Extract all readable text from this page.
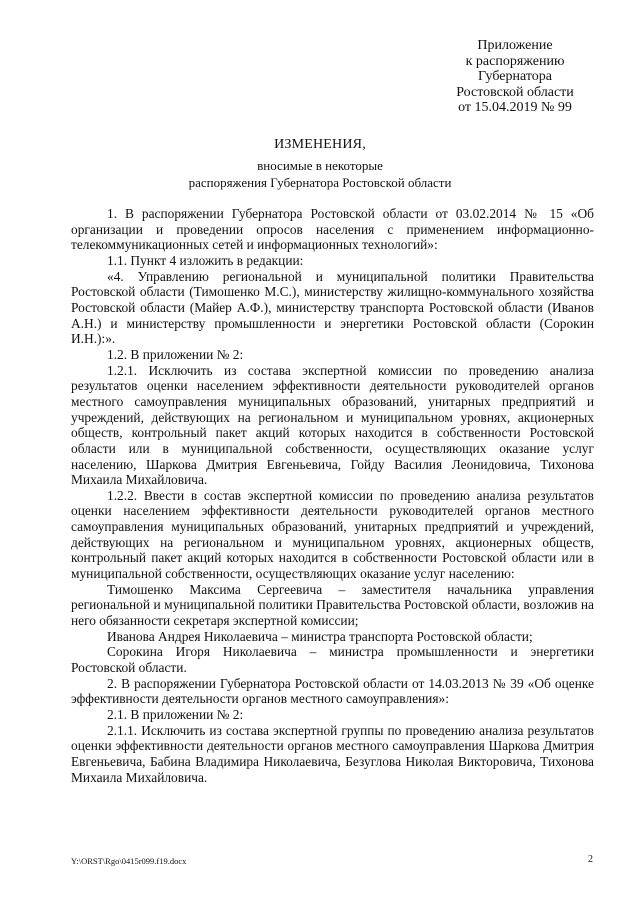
Приложение
к распоряжению
Губернатора
Ростовской области
от 15.04.2019 № 99
ИЗМЕНЕНИЯ,
вносимые в некоторые
распоряжения Губернатора Ростовской области

1. В распоряжении Губернатора Ростовской области от 03.02.2014 № 15 «Об организации и проведении опросов населения с применением информационно-телекоммуникационных сетей и информационных технологий»:

1.1. Пункт 4 изложить в редакции:

«4. Управлению региональной и муниципальной политики Правительства Ростовской области (Тимошенко М.С.), министерству жилищно-коммунального хозяйства Ростовской области (Майер А.Ф.), министерству транспорта Ростовской области (Иванов А.Н.) и министерству промышленности и энергетики Ростовской области (Сорокин И.Н.):».

1.2. В приложении № 2:

1.2.1. Исключить из состава экспертной комиссии по проведению анализа результатов оценки населением эффективности деятельности руководителей органов местного самоуправления муниципальных образований, унитарных предприятий и учреждений, действующих на региональном и муниципальном уровнях, акционерных обществ, контрольный пакет акций которых находится в собственности Ростовской области или в муниципальной собственности, осуществляющих оказание услуг населению, Шаркова Дмитрия Евгеньевича, Гойду Василия Леонидовича, Тихонова Михаила Михайловича.

1.2.2. Ввести в состав экспертной комиссии по проведению анализа результатов оценки населением эффективности деятельности руководителей органов местного самоуправления муниципальных образований, унитарных предприятий и учреждений, действующих на региональном и муниципальном уровнях, акционерных обществ, контрольный пакет акций которых находится в собственности Ростовской области или в муниципальной собственности, осуществляющих оказание услуг населению:

Тимошенко Максима Сергеевича – заместителя начальника управления региональной и муниципальной политики Правительства Ростовской области, возложив на него обязанности секретаря экспертной комиссии;

Иванова Андрея Николаевича – министра транспорта Ростовской области;

Сорокина Игоря Николаевича – министра промышленности и энергетики Ростовской области.

2. В распоряжении Губернатора Ростовской области от 14.03.2013 № 39 «Об оценке эффективности деятельности органов местного самоуправления»:

2.1. В приложении № 2:

2.1.1. Исключить из состава экспертной группы по проведению анализа результатов оценки эффективности деятельности органов местного самоуправления Шаркова Дмитрия Евгеньевича, Бабина Владимира Николаевича, Безуглова Николая Викторовича, Тихонова Михаила Михайловича.

Y:\ORST\Rgo\0415r099.f19.docx	2
